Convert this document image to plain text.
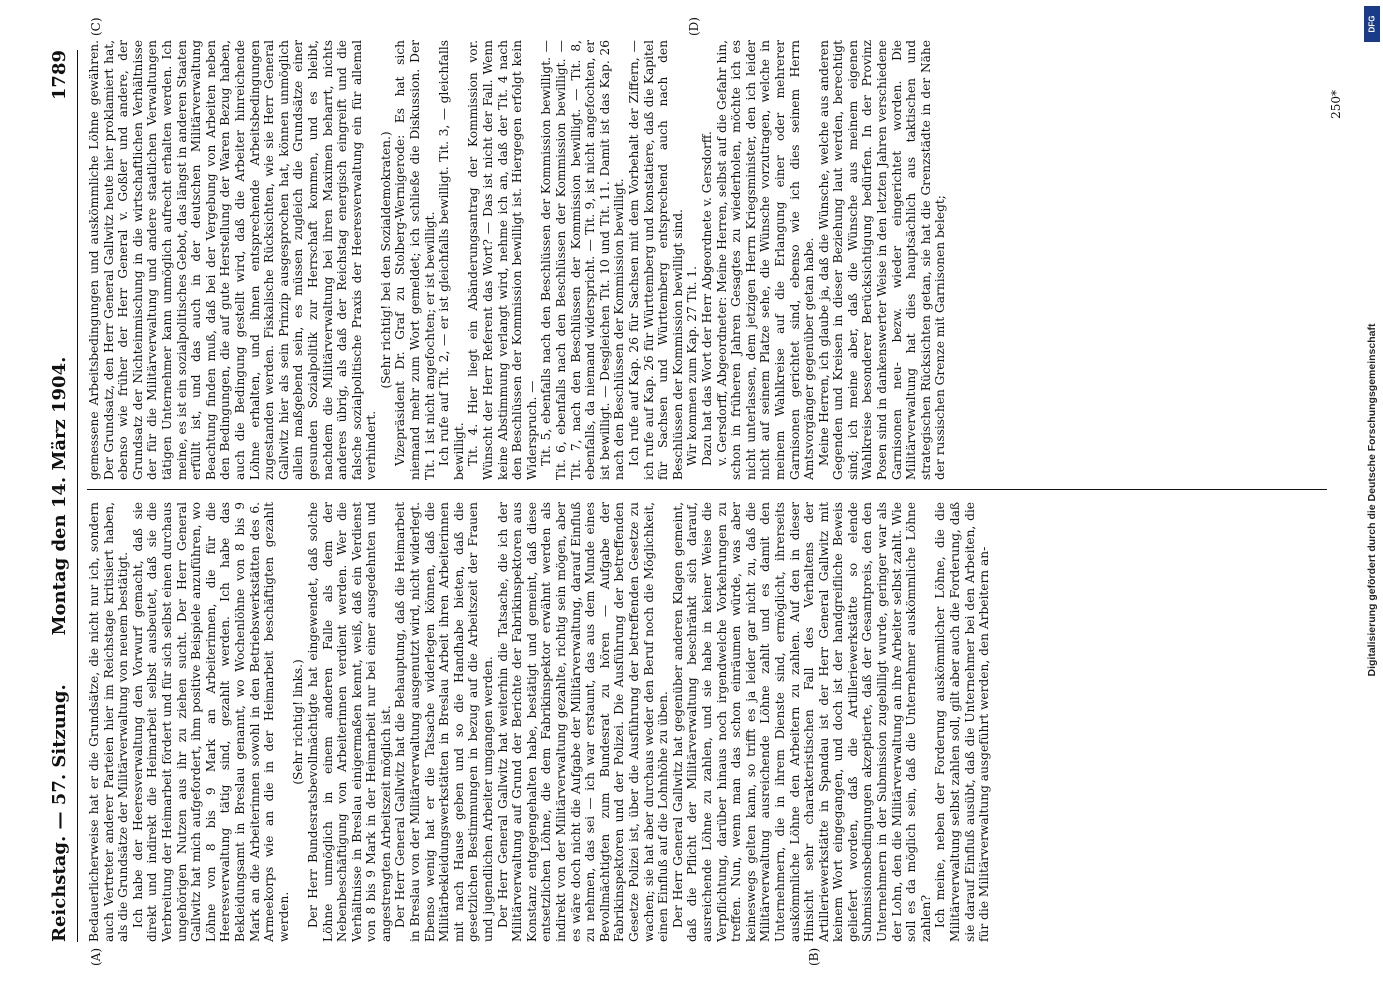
Digitalisierung gefördert durch die Deutsche Forschungsgemeinschaft
DFG
Reichstag. — 57. Sitzung.
Montag den 14. März 1904.
1789
(A)	(B)
(C)	(D)

Bedauerlicherweise hat er die Grundsätze, die nicht nur ich, sondern auch Vertreter anderer Parteien hier im Reichstage kritisiert haben, als die Grundsätze der Militärverwaltung von neuem bestätigt. Ich habe der Heeresverwaltung den Vorwurf gemacht, daß sie direkt und indirekt die Heimarbeit selbst ausbeutet, daß sie die Verbreitung der Heimarbeit fördert und für sich selbst einen durchaus ungehörigen Nutzen aus ihr zu ziehen sucht. Der Herr General Gallwitz hat mich aufgefordert, ihm positive Beispiele anzuführen, wo Löhne von 8 bis 9 Mark an Arbeiterinnen, die für die Heeresverwaltung tätig sind, gezahlt werden. Ich habe das Bekleidungsamt in Breslau genannt, wo Wochenlöhne von 8 bis 9 Mark an die Arbeiterinnen sowohl in den Betriebswerkstätten des 6. Armeekorps wie an die in der Heimarbeit beschäftigten gezahlt werden.

(Sehr richtig! links.) Der Herr Bundesratsbevollmächtigte hat eingewendet, daß solche Löhne unmöglich in einem anderen Falle als dem der Nebenbeschäftigung von Arbeiterinnen verdient werden. Wer die Verhältnisse in Breslau einigermaßen kennt, weiß, daß ein Verdienst von 8 bis 9 Mark in der Heimarbeit nur bei einer ausgedehnten und angestrengten Arbeitszeit möglich ist. Der Herr General Gallwitz hat die Behauptung, daß die Heimarbeit in Breslau von der Militärverwaltung ausgenutzt wird, nicht widerlegt. Ebenso wenig hat er die Tatsache widerlegen können, daß die Militärbekleidungswerkstätten in Breslau Arbeit ihren Arbeiterinnen mit nach Hause geben und so die Handhabe bieten, daß die gesetzlichen Bestimmungen in bezug auf die Arbeitszeit der Frauen und jugendlichen Arbeiter umgangen werden. Der Herr General Gallwitz hat weiterhin die Tatsache, die ich der Militärverwaltung auf Grund der Berichte der Fabrikinspektoren aus Konstanz entgegengehalten habe, bestätigt und gemeint, daß diese entsetzlichen Löhne, die dem Fabrikinspektor erwähnt werden als indirekt von der Militärverwaltung gezahlte, richtig sein mögen, aber es wäre doch nicht die Aufgabe der Militärverwaltung, darauf Einfluß zu nehmen, das sei — ich war erstaunt, das aus dem Munde eines Bevollmächtigten zum Bundesrat zu hören — Aufgabe der Fabrikinspektoren und der Polizei. Die Ausführung der betreffenden Gesetze Polizei ist, über die Ausführung der betreffenden Gesetze zu wachen; sie hat aber durchaus weder den Beruf noch die Möglichkeit, einen Einfluß auf die Lohnhöhe zu üben. Der Herr General Gallwitz hat gegenüber anderen Klagen gemeint, daß die Pflicht der Militärverwaltung beschränkt sich darauf, ausreichende Löhne zu zahlen, und sie habe in keiner Weise die Verpflichtung, darüber hinaus noch irgendwelche Vorkehrungen zu treffen. Nun, wenn man das schon einräumen würde, was aber keineswegs gelten kann, so trifft es ja leider gar nicht zu, daß die Militärverwaltung ausreichende Löhne zahlt und es damit den Unternehmern, die in ihrem Dienste sind, ermöglicht, ihrerseits auskömmliche Löhne den Arbeitern zu zahlen. Auf den in dieser Hinsicht sehr charakteristischen Fall des Verhaltens der Artilleriewerkstätte in Spandau ist der Herr General Gallwitz mit keinem Wort eingegangen, und doch ist der handgreifliche Beweis geliefert worden, daß die Artilleriewerkstätte so elende Submissionsbedingungen akzeptierte, daß der Gesamtpreis, den den Unternehmern in der Submission zugebilligt wurde, geringer war als der Lohn, den die Militärverwaltung an ihre Arbeiter selbst zahlt. Wie soll es da möglich sein, daß die Unternehmer auskömmliche Löhne zahlen? Ich meine, neben der Forderung auskömmlicher Löhne, die die Militärverwaltung selbst zahlen soll, gilt aber auch die Forderung, daß sie darauf Einfluß ausübt, daß die Unternehmer bei den Arbeiten, die für die Militärverwaltung ausgeführt werden, den Arbeitern an-

gemessene Arbeitsbedingungen und auskömmliche Löhne gewähren. Der Grundsatz, den Herr General Gallwitz heute hier proklamiert hat, ebenso wie früher der Herr General v. Goßler und andere, der Grundsatz der Nichteinmischung in die wirtschaftlichen Verhältnisse der für die Militärverwaltung und andere staatlichen Verwaltungen tätigen Unternehmer kann unmöglich aufrecht erhalten werden. Ich meine, es ist ein sozialpolitisches Gebot, das längst in anderen Staaten erfüllt ist, und das auch in der deutschen Militärverwaltung Beachtung finden muß, daß bei der Vergebung von Arbeiten neben den Bedingungen, die auf gute Herstellung der Waren Bezug haben, auch die Bedingung gestellt wird, daß die Arbeiter hinreichende Löhne erhalten, und ihnen entsprechende Arbeitsbedingungen zugestanden werden. Fiskalische Rücksichten, wie sie Herr General Gallwitz hier als sein Prinzip ausgesprochen hat, können unmöglich allein maßgebend sein, es müssen zugleich die Grundsätze einer gesunden Sozialpolitik zur Herrschaft kommen, und es bleibt, nachdem die Militärverwaltung bei ihren Maximen beharrt, nichts anderes übrig, als daß der Reichstag energisch eingreift und die falsche sozialpolitische Praxis der Heeresverwaltung ein für allemal verhindert.

(Sehr richtig! bei den Sozialdemokraten.) Vizepräsident Dr. Graf zu Stolberg-Wernigerode: Es hat sich niemand mehr zum Wort gemeldet; ich schließe die Diskussion. Der Tit. 1 ist nicht angefochten; er ist bewilligt. Ich rufe auf Tit. 2, — er ist gleichfalls bewilligt. Tit. 3, — gleichfalls bewilligt. Tit. 4. Hier liegt ein Abänderungsantrag der Kommission vor. Wünscht der Herr Referent das Wort? — Das ist nicht der Fall. Wenn keine Abstimmung verlangt wird, nehme ich an, daß der Tit. 4 nach den Beschlüssen der Kommission bewilligt ist. Hiergegen erfolgt kein Widerspruch. — Tit. 5, ebenfalls nach den Beschlüssen der Kommission bewilligt. — Tit. 6, ebenfalls nach den Beschlüssen der Kommission bewilligt. — Tit. 7, nach den Beschlüssen der Kommission bewilligt. — Tit. 8, ebenfalls, da niemand widerspricht. — Tit. 9, ist nicht angefochten, er ist bewilligt. — Desgleichen Tit. 10 und Tit. 11. Damit ist das Kap. 26 nach den Beschlüssen der Kommission bewilligt. Ich rufe auf Kap. 26 für Sachsen mit dem Vorbehalt der Ziffern, — ich rufe auf Kap. 26 für Württemberg und konstatiere, daß die Kapitel für Sachsen und Württemberg entsprechend auch nach den Beschlüssen der Kommission bewilligt sind. Wir kommen zum Kap. 27 Tit. 1. Dazu hat das Wort der Herr Abgeordnete v. Gersdorff. v. Gersdorff, Abgeordneter: Meine Herren, selbst auf die Gefahr hin, schon in früheren Jahren Gesagtes zu wiederholen, möchte ich es nicht unterlassen, dem jetzigen Herrn Kriegsminister, den ich leider nicht auf seinem Platze sehe, die Wünsche vorzutragen, welche in meinem Wahlkreise auf die Erlangung einer oder mehrerer Garnisonen gerichtet sind, ebenso wie ich dies seinem Herrn Amtsvorgänger gegenüber getan habe. Meine Herren, ich glaube ja, daß die Wünsche, welche aus anderen Gegenden und Kreisen in dieser Beziehung laut werden, berechtigt sind; ich meine aber, daß die Wünsche aus meinem eigenen Wahlkreise besonderer Berücksichtigung bedürfen. In der Provinz Posen sind in dankenswerter Weise in den letzten Jahren verschiedene Garnisonen neu- bezw. wieder eingerichtet worden. Die Militärverwaltung hat dies hauptsächlich aus taktischen und strategischen Rücksichten getan, sie hat die Grenzstädte in der Nähe der russischen Grenze mit Garnisonen belegt;

250*
